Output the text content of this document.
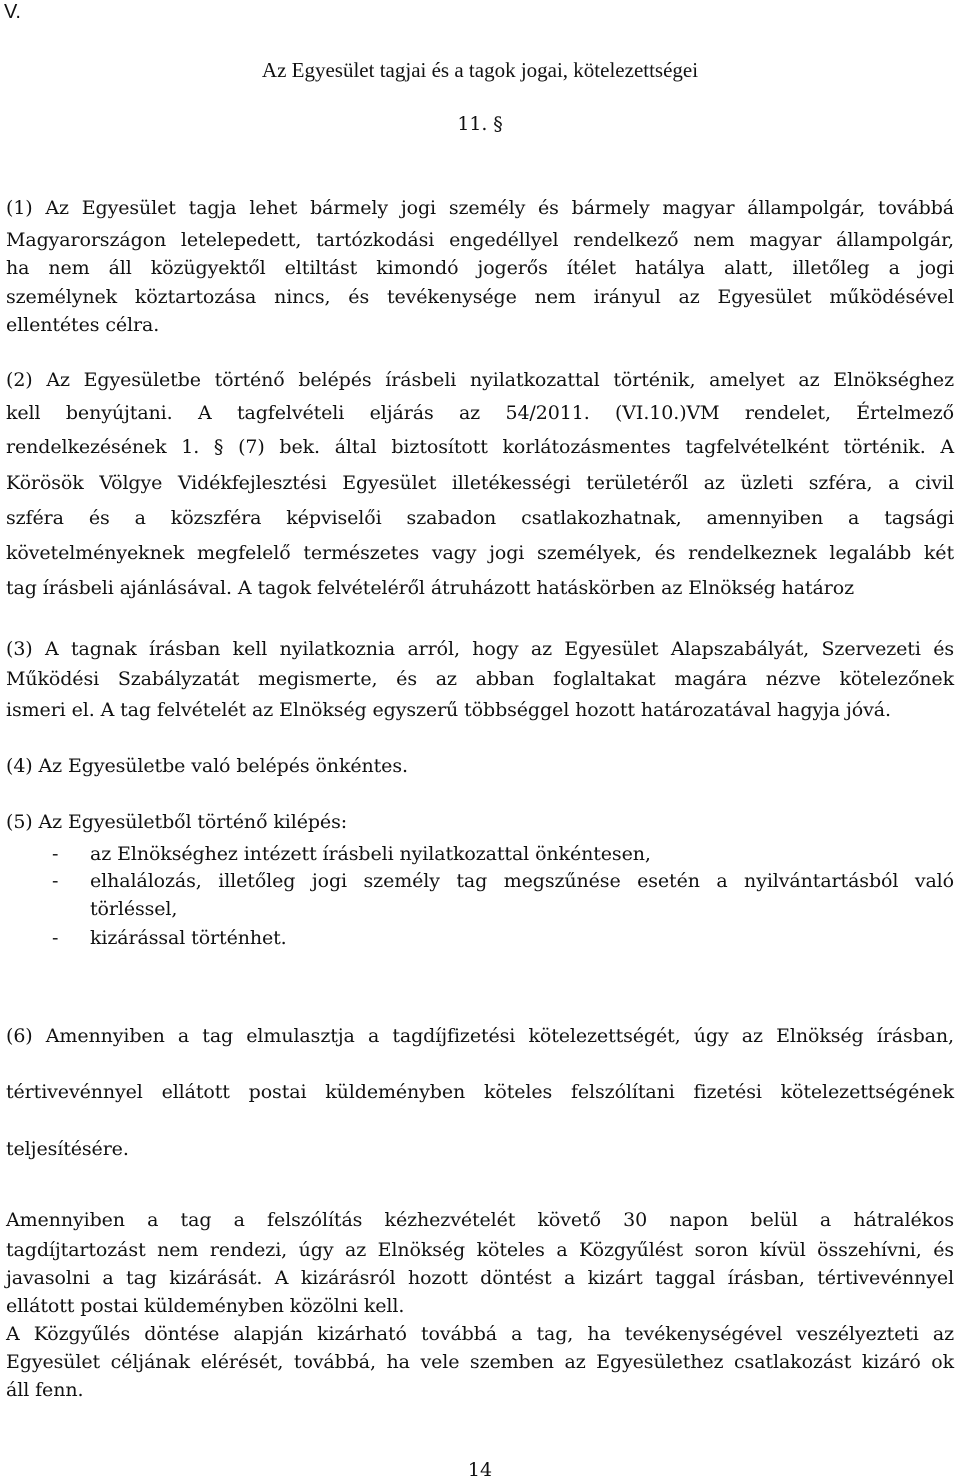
V.
Az Egyesület tagjai és a tagok jogai, kötelezettségei
11. §
(1) Az Egyesület tagja lehet bármely jogi személy és bármely magyar állampolgár, továbbá
Magyarországon letelepedett, tartózkodási engedéllyel rendelkező nem magyar állampolgár,
ha nem áll közügyektől eltiltást kimondó jogerős ítélet hatálya alatt, illetőleg a jogi
személynek köztartozása nincs, és tevékenysége nem irányul az Egyesület működésével
ellentétes célra.
(2) Az Egyesületbe történő belépés írásbeli nyilatkozattal történik, amelyet az Elnökséghez
kell benyújtani. A tagfelvételi eljárás az 54/2011. (VI.10.)VM rendelet, Értelmező
rendelkezésének 1. § (7) bek. által biztosított korlátozásmentes tagfelvételként történik. A
Körösök Völgye Vidékfejlesztési Egyesület illetékességi területéről az üzleti szféra, a civil
szféra és a közszféra képviselői szabadon csatlakozhatnak, amennyiben a tagsági
követelményeknek megfelelő természetes vagy jogi személyek, és rendelkeznek legalább két
tag írásbeli ajánlásával. A tagok felvételéről átruházott hatáskörben az Elnökség határoz
(3) A tagnak írásban kell nyilatkoznia arról, hogy az Egyesület Alapszabályát, Szervezeti és
Működési Szabályzatát megismerte, és az abban foglaltakat magára nézve kötelezőnek
ismeri el. A tag felvételét az Elnökség egyszerű többséggel hozott határozatával hagyja jóvá.
(4) Az Egyesületbe való belépés önkéntes.
(5) Az Egyesületből történő kilépés:
- az Elnökséghez intézett írásbeli nyilatkozattal önkéntesen,
- elhalálozás, illetőleg jogi személy tag megszűnése esetén a nyilvántartásból való
törléssel,
- kizárással történhet.
(6) Amennyiben a tag elmulasztja a tagdíjfizetési kötelezettségét, úgy az Elnökség írásban,
tértivevénnyel ellátott postai küldeményben köteles felszólítani fizetési kötelezettségének
teljesítésére.
Amennyiben a tag a felszólítás kézhezvételét követő 30 napon belül a hátralékos
tagdíjtartozást nem rendezi, úgy az Elnökség köteles a Közgyűlést soron kívül összehívni, és
javasolni a tag kizárását. A kizárásról hozott döntést a kizárt taggal írásban, tértivevénnyel
ellátott postai küldeményben közölni kell.
A Közgyűlés döntése alapján kizárható továbbá a tag, ha tevékenységével veszélyezteti az
Egyesület céljának elérését, továbbá, ha vele szemben az Egyesülethez csatlakozást kizáró ok
áll fenn.
14
